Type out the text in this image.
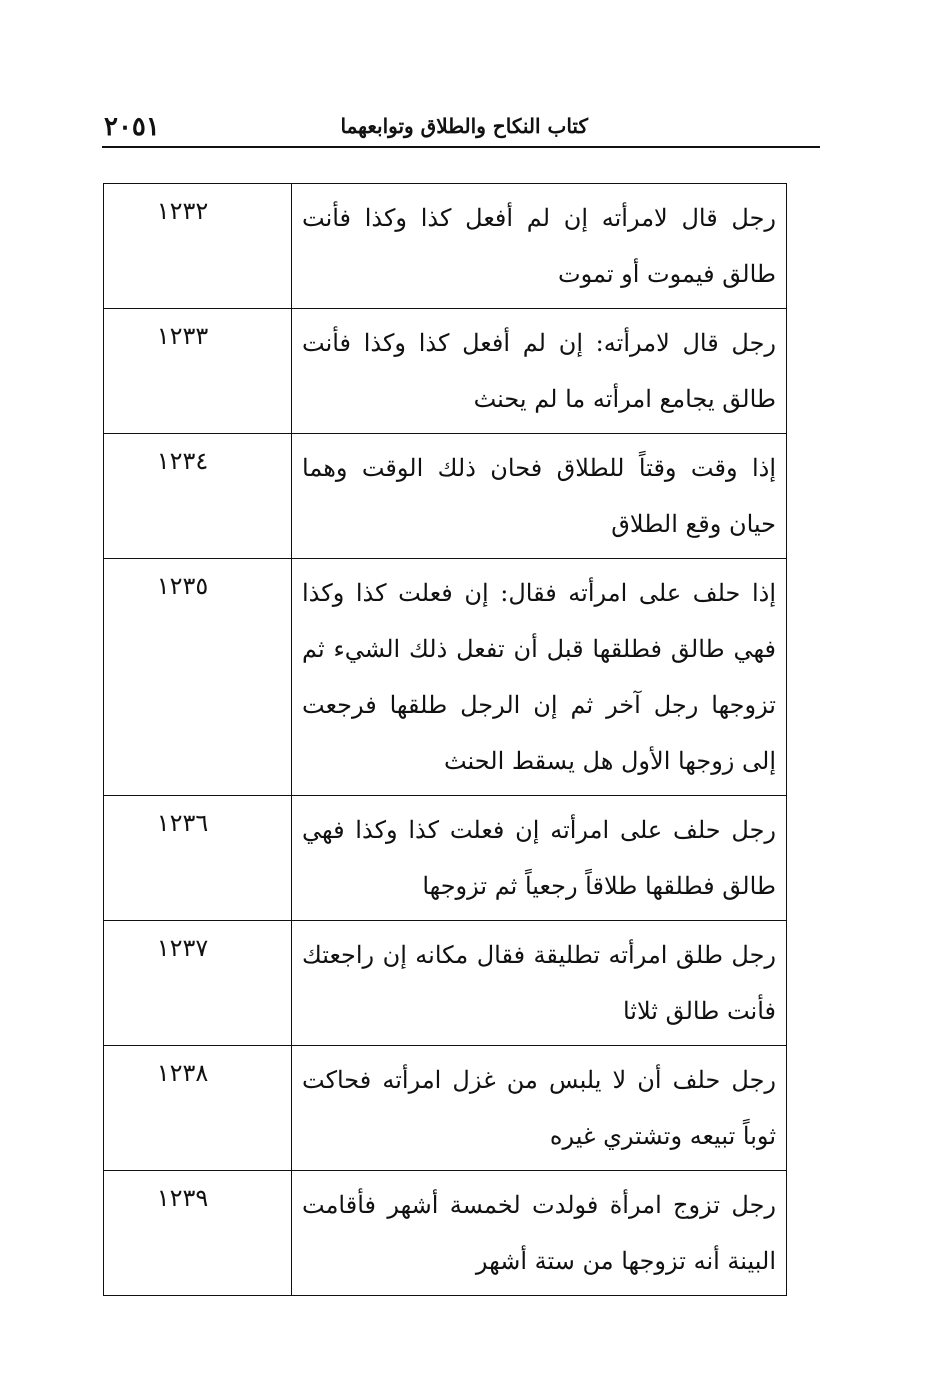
٢٠٥١	كتاب النكاح والطلاق وتوابعهما
رجل قال لامرأته إن لم أفعل كذا وكذا فأنت طالق فيموت أو تموت	١٢٣٢
رجل قال لامرأته: إن لم أفعل كذا وكذا فأنت طالق يجامع امرأته ما لم يحنث	١٢٣٣
إذا وقت وقتاً للطلاق فحان ذلك الوقت وهما حيان وقع الطلاق	١٢٣٤
إذا حلف على امرأته فقال: إن فعلت كذا وكذا فهي طالق فطلقها قبل أن تفعل ذلك الشيء ثم تزوجها رجل آخر ثم إن الرجل طلقها فرجعت إلى زوجها الأول هل يسقط الحنث	١٢٣٥
رجل حلف على امرأته إن فعلت كذا وكذا فهي طالق فطلقها طلاقاً رجعياً ثم تزوجها	١٢٣٦
رجل طلق امرأته تطليقة فقال مكانه إن راجعتك فأنت طالق ثلاثا	١٢٣٧
رجل حلف أن لا يلبس من غزل امرأته فحاكت ثوباً تبيعه وتشتري غيره	١٢٣٨
رجل تزوج امرأة فولدت لخمسة أشهر فأقامت البينة أنه تزوجها من ستة أشهر	١٢٣٩
